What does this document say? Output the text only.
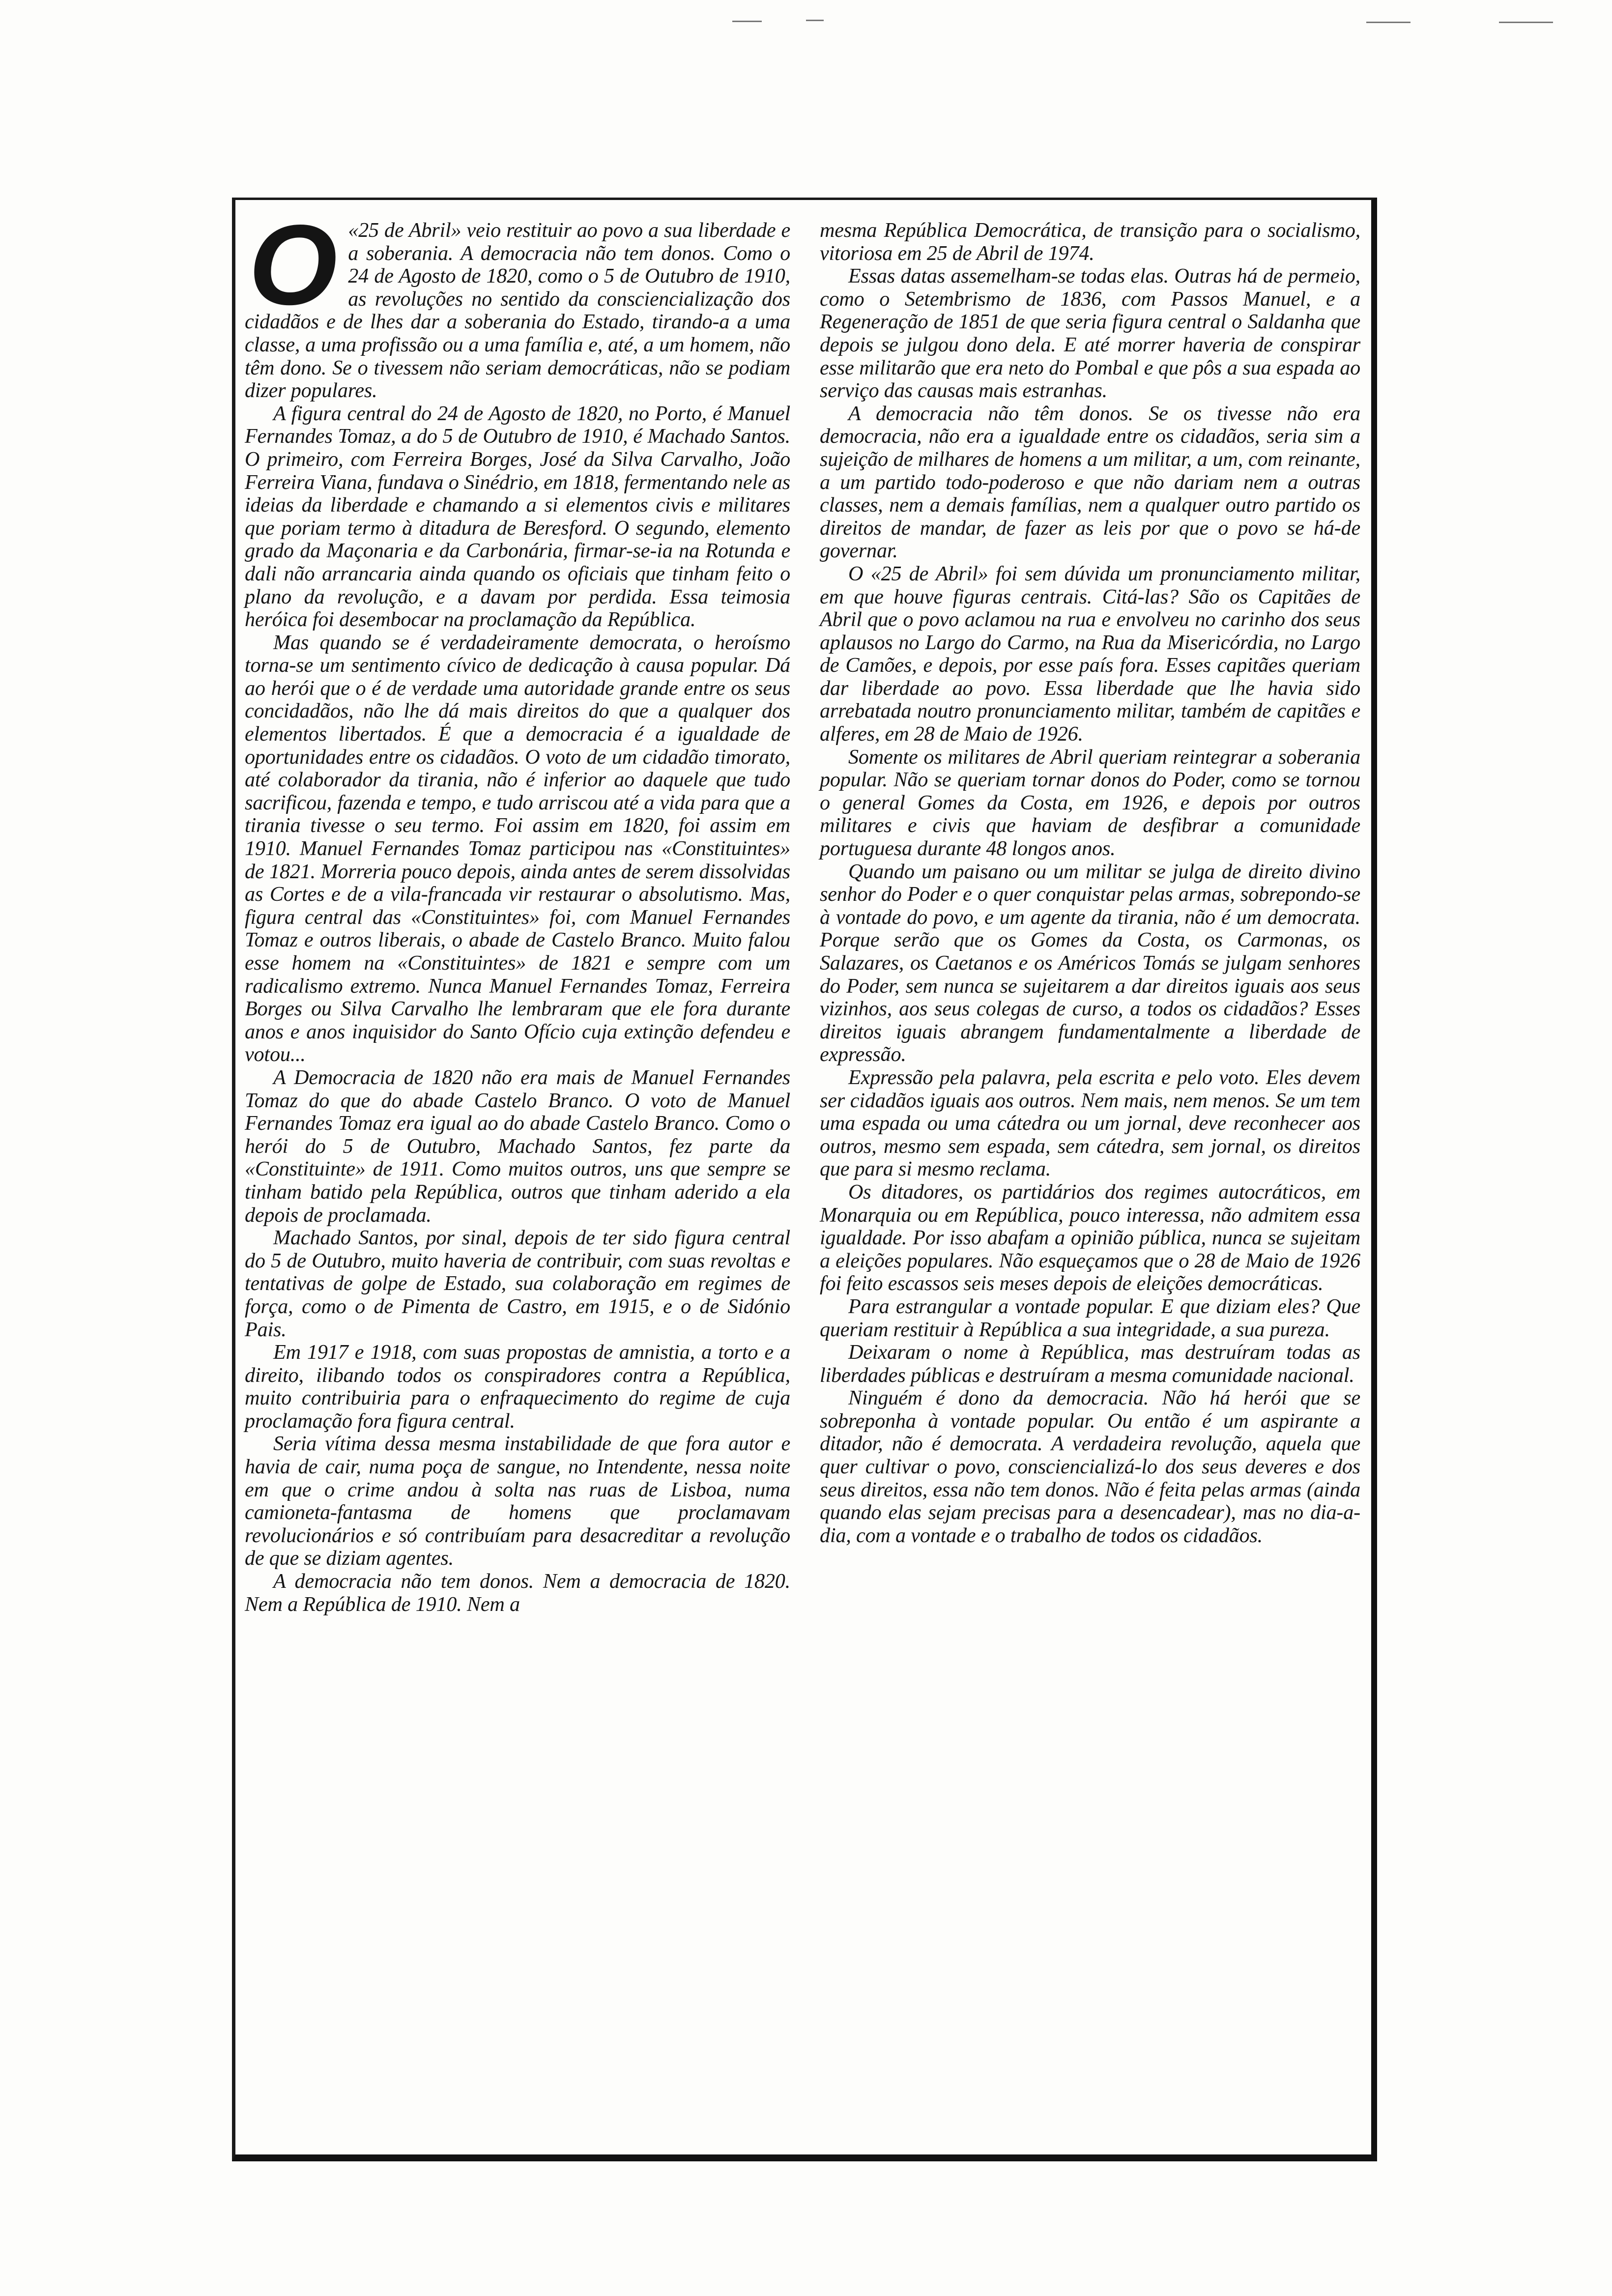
O «25 de Abril» veio restituir ao povo a sua liberdade e a soberania. A democracia não tem donos. Como o 24 de Agosto de 1820, como o 5 de Outubro de 1910, as revoluções no sentido da consciencialização dos cidadãos e de lhes dar a soberania do Estado, tirando-a a uma classe, a uma profissão ou a uma família e, até, a um homem, não têm dono. Se o tivessem não seriam democráticas, não se podiam dizer populares.

A figura central do 24 de Agosto de 1820, no Porto, é Manuel Fernandes Tomaz, a do 5 de Outubro de 1910, é Machado Santos. O primeiro, com Ferreira Borges, José da Silva Carvalho, João Ferreira Viana, fundava o Sinédrio, em 1818, fermentando nele as ideias da liberdade e chamando a si elementos civis e militares que poriam termo à ditadura de Beresford. O segundo, elemento grado da Maçonaria e da Carbonária, firmar-se-ia na Rotunda e dali não arrancaria ainda quando os oficiais que tinham feito o plano da revolução, e a davam por perdida. Essa teimosia heróica foi desembocar na proclamação da República.

Mas quando se é verdadeiramente democrata, o heroísmo torna-se um sentimento cívico de dedicação à causa popular. Dá ao herói que o é de verdade uma autoridade grande entre os seus concidadãos, não lhe dá mais direitos do que a qualquer dos elementos libertados. É que a democracia é a igualdade de oportunidades entre os cidadãos. O voto de um cidadão timorato, até colaborador da tirania, não é inferior ao daquele que tudo sacrificou, fazenda e tempo, e tudo arriscou até a vida para que a tirania tivesse o seu termo. Foi assim em 1820, foi assim em 1910. Manuel Fernandes Tomaz participou nas «Constituintes» de 1821. Morreria pouco depois, ainda antes de serem dissolvidas as Cortes e de a vila-francada vir restaurar o absolutismo. Mas, figura central das «Constituintes» foi, com Manuel Fernandes Tomaz e outros liberais, o abade de Castelo Branco. Muito falou esse homem na «Constituintes» de 1821 e sempre com um radicalismo extremo. Nunca Manuel Fernandes Tomaz, Ferreira Borges ou Silva Carvalho lhe lembraram que ele fora durante anos e anos inquisidor do Santo Ofício cuja extinção defendeu e votou...

A Democracia de 1820 não era mais de Manuel Fernandes Tomaz do que do abade Castelo Branco. O voto de Manuel Fernandes Tomaz era igual ao do abade Castelo Branco. Como o herói do 5 de Outubro, Machado Santos, fez parte da «Constituinte» de 1911. Como muitos outros, uns que sempre se tinham batido pela República, outros que tinham aderido a ela depois de proclamada.

Machado Santos, por sinal, depois de ter sido figura central do 5 de Outubro, muito haveria de contribuir, com suas revoltas e tentativas de golpe de Estado, sua colaboração em regimes de força, como o de Pimenta de Castro, em 1915, e o de Sidónio Pais.

Em 1917 e 1918, com suas propostas de amnistia, a torto e a direito, ilibando todos os conspiradores contra a República, muito contribuiria para o enfraquecimento do regime de cuja proclamação fora figura central.

Seria vítima dessa mesma instabilidade de que fora autor e havia de cair, numa poça de sangue, no Intendente, nessa noite em que o crime andou à solta nas ruas de Lisboa, numa camioneta-fantasma de homens que proclamavam revolucionários e só contribuíam para desacreditar a revolução de que se diziam agentes.

A democracia não tem donos. Nem a democracia de 1820. Nem a República de 1910. Nem a

mesma República Democrática, de transição para o socialismo, vitoriosa em 25 de Abril de 1974.

Essas datas assemelham-se todas elas. Outras há de permeio, como o Setembrismo de 1836, com Passos Manuel, e a Regeneração de 1851 de que seria figura central o Saldanha que depois se julgou dono dela. E até morrer haveria de conspirar esse militarão que era neto do Pombal e que pôs a sua espada ao serviço das causas mais estranhas.

A democracia não têm donos. Se os tivesse não era democracia, não era a igualdade entre os cidadãos, seria sim a sujeição de milhares de homens a um militar, a um, com reinante, a um partido todo-poderoso e que não dariam nem a outras classes, nem a demais famílias, nem a qualquer outro partido os direitos de mandar, de fazer as leis por que o povo se há-de governar.

O «25 de Abril» foi sem dúvida um pronunciamento militar, em que houve figuras centrais. Citá-las? São os Capitães de Abril que o povo aclamou na rua e envolveu no carinho dos seus aplausos no Largo do Carmo, na Rua da Misericórdia, no Largo de Camões, e depois, por esse país fora. Esses capitães queriam dar liberdade ao povo. Essa liberdade que lhe havia sido arrebatada noutro pronunciamento militar, também de capitães e alferes, em 28 de Maio de 1926.

Somente os militares de Abril queriam reintegrar a soberania popular. Não se queriam tornar donos do Poder, como se tornou o general Gomes da Costa, em 1926, e depois por outros militares e civis que haviam de desfibrar a comunidade portuguesa durante 48 longos anos.

Quando um paisano ou um militar se julga de direito divino senhor do Poder e o quer conquistar pelas armas, sobrepondo-se à vontade do povo, e um agente da tirania, não é um democrata. Porque serão que os Gomes da Costa, os Carmonas, os Salazares, os Caetanos e os Américos Tomás se julgam senhores do Poder, sem nunca se sujeitarem a dar direitos iguais aos seus vizinhos, aos seus colegas de curso, a todos os cidadãos? Esses direitos iguais abrangem fundamentalmente a liberdade de expressão.

Expressão pela palavra, pela escrita e pelo voto. Eles devem ser cidadãos iguais aos outros. Nem mais, nem menos. Se um tem uma espada ou uma cátedra ou um jornal, deve reconhecer aos outros, mesmo sem espada, sem cátedra, sem jornal, os direitos que para si mesmo reclama.

Os ditadores, os partidários dos regimes autocráticos, em Monarquia ou em República, pouco interessa, não admitem essa igualdade. Por isso abafam a opinião pública, nunca se sujeitam a eleições populares. Não esqueçamos que o 28 de Maio de 1926 foi feito escassos seis meses depois de eleições democráticas.

Para estrangular a vontade popular. E que diziam eles? Que queriam restituir à República a sua integridade, a sua pureza.

Deixaram o nome à República, mas destruíram todas as liberdades públicas e destruíram a mesma comunidade nacional.

Ninguém é dono da democracia. Não há herói que se sobreponha à vontade popular. Ou então é um aspirante a ditador, não é democrata. A verdadeira revolução, aquela que quer cultivar o povo, consciencializá-lo dos seus deveres e dos seus direitos, essa não tem donos. Não é feita pelas armas (ainda quando elas sejam precisas para a desencadear), mas no dia-a-dia, com a vontade e o trabalho de todos os cidadãos.
